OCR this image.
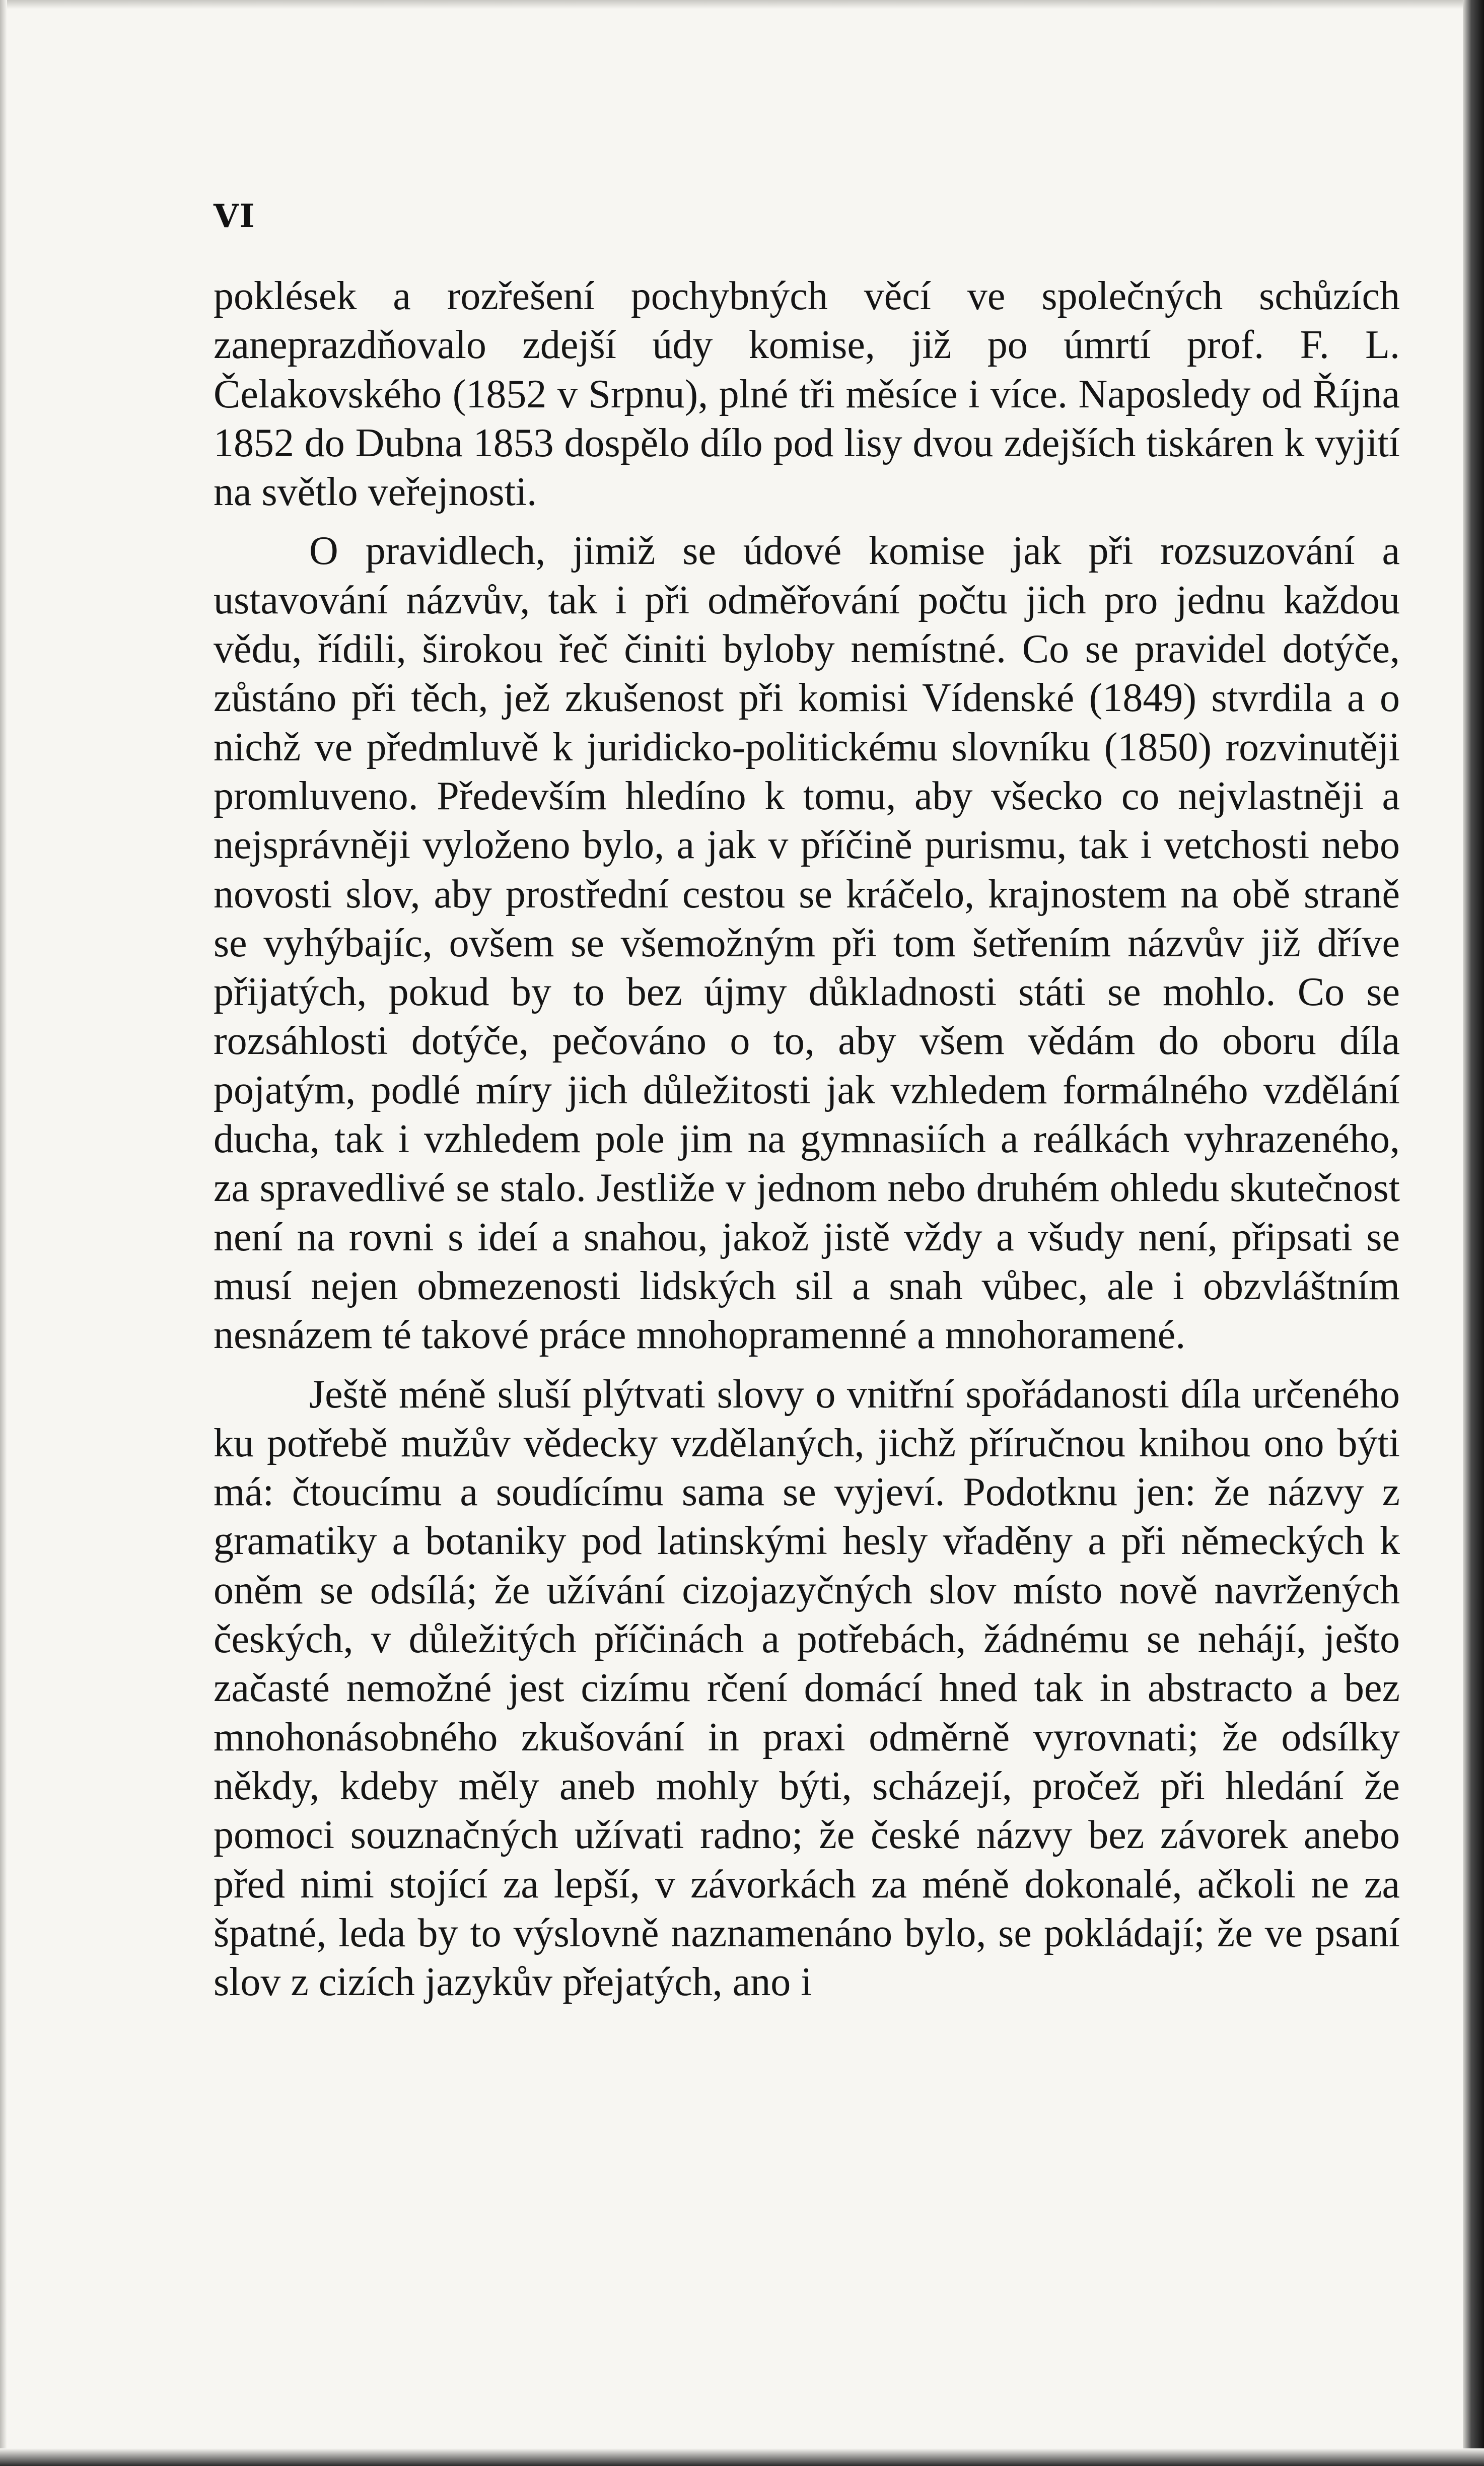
VI

poklések a rozřešení pochybných věcí ve společných schůzích zaneprazdňovalo zdejší údy komise, již po úmrtí prof. F. L. Čelakovského (1852 v Srpnu), plné tři měsíce i více. Naposledy od Října 1852 do Dubna 1853 dospělo dílo pod lisy dvou zdejších tiskáren k vyjití na světlo veřejnosti.

O pravidlech, jimiž se údové komise jak při rozsuzování a ustavování názvův, tak i při odměřování počtu jich pro jednu každou vědu, řídili, širokou řeč činiti byloby nemístné. Co se pravidel dotýče, zůstáno při těch, jež zkušenost při komisi Vídenské (1849) stvrdila a o nichž ve předmluvě k juridicko-politickému slovníku (1850) rozvinutěji promluveno. Především hledíno k tomu, aby všecko co nejvlastněji a nejsprávněji vyloženo bylo, a jak v příčině purismu, tak i vetchosti nebo novosti slov, aby prostřední cestou se kráčelo, krajnostem na obě straně se vyhýbajíc, ovšem se všemožným při tom šetřením názvův již dříve přijatých, pokud by to bez újmy důkladnosti státi se mohlo. Co se rozsáhlosti dotýče, pečováno o to, aby všem vědám do oboru díla pojatým, podlé míry jich důležitosti jak vzhledem formálného vzdělání ducha, tak i vzhledem pole jim na gymnasiích a reálkách vyhrazeného, za spravedlivé se stalo. Jestliže v jednom nebo druhém ohledu skutečnost není na rovni s ideí a snahou, jakož jistě vždy a všudy není, připsati se musí nejen obmezenosti lidských sil a snah vůbec, ale i obzvláštním nesnázem té takové práce mnohopramenné a mnohoramené.

Ještě méně sluší plýtvati slovy o vnitřní spořádanosti díla určeného ku potřebě mužův vědecky vzdělaných, jichž příručnou knihou ono býti má: čtoucímu a soudícímu sama se vyjeví. Podotknu jen: že názvy z gramatiky a botaniky pod latinskými hesly vřaděny a při německých k oněm se odsílá; že užívání cizojazyčných slov místo nově navržených českých, v důležitých příčinách a potřebách, žádnému se nehájí, ješto začasté nemožné jest cizímu rčení domácí hned tak in abstracto a bez mnohonásobného zkušování in praxi odměrně vyrovnati; že odsílky někdy, kdeby měly aneb mohly býti, scházejí, pročež při hledání že pomoci souznačných užívati radno; že české názvy bez závorek anebo před nimi stojící za lepší, v závorkách za méně dokonalé, ačkoli ne za špatné, leda by to výslovně naznamenáno bylo, se pokládají; že ve psaní slov z cizích jazykův přejatých, ano i
